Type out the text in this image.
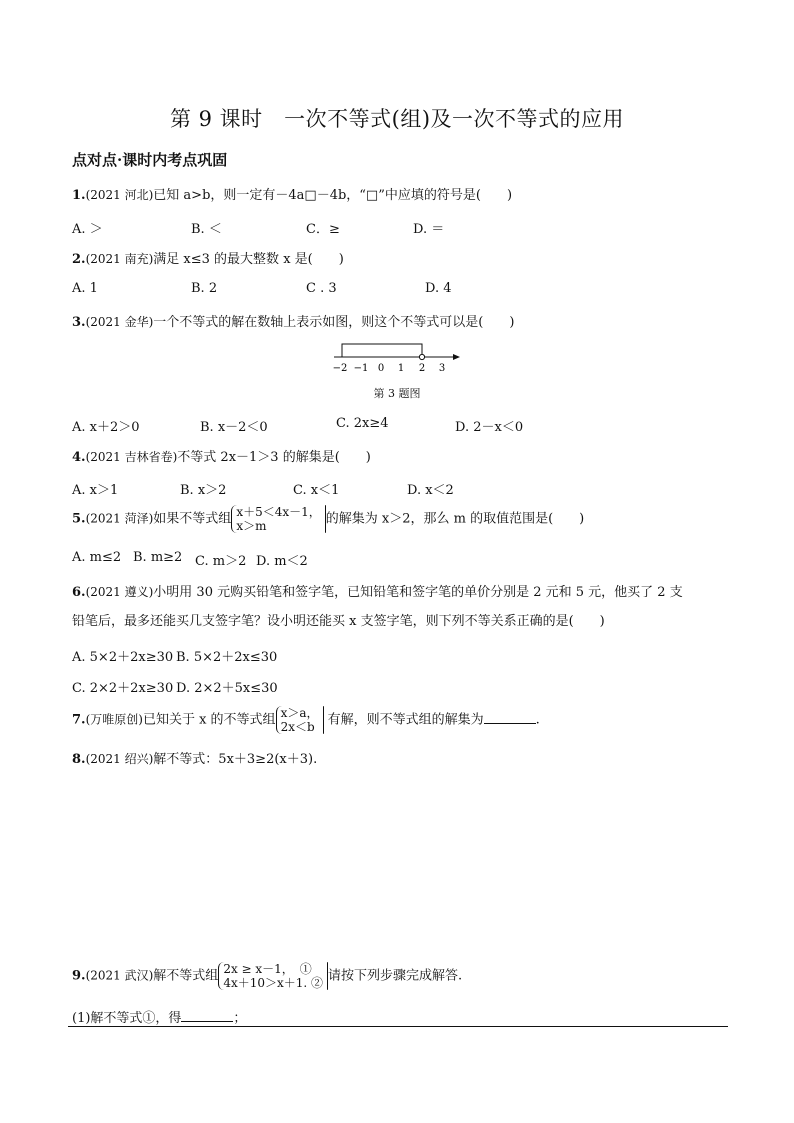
第 9 课时　一次不等式(组)及一次不等式的应用
点对点·课时内考点巩固
1.(2021 河北)已知 a>b，则一定有－4a□－4b，“□”中应填的符号是(　　)
A. ＞	B. ＜	C．≥	D. ＝
2.(2021 南充)满足 x≤3 的最大整数 x 是(　　)
A. 1	B. 2	C . 3	D. 4
3.(2021 金华)一个不等式的解在数轴上表示如图，则这个不等式可以是(　　)
−2 −1 0 1 2 3
第 3 题图
A. x＋2＞0	B. x－2＜0	C. 2x≥4	D. 2－x＜0
4.(2021 吉林省卷)不等式 2x－1＞3 的解集是(　　)
A. x＞1	B. x＞2	C. x＜1	D. x＜2
5.(2021 菏泽)如果不等式组 x＋5＜4x－1，
x＞m	的解集为 x＞2，那么 m 的取值范围是(　　)
A. m≤2 B. m≥2 C. m＞2 D. m＜2
6.(2021 遵义)小明用 30 元购买铅笔和签字笔，已知铅笔和签字笔的单价分别是 2 元和 5 元，他买了 2 支
铅笔后，最多还能买几支签字笔？设小明还能买 x 支签字笔，则下列不等关系正确的是(　　)
A. 5×2＋2x≥30 B. 5×2＋2x≤30
C. 2×2＋2x≥30 D. 2×2＋5x≤30
7.(万唯原创)已知关于 x 的不等式组 x＞a，
2x＜b 有解，则不等式组的解集为	.
8.(2021 绍兴)解不等式：5x＋3≥2(x＋3).
9.(2021 武汉)解不等式组 2x ≥ x－1，　①
4x＋10＞x＋1. ② 请按下列步骤完成解答.
(1)解不等式①，得	；
